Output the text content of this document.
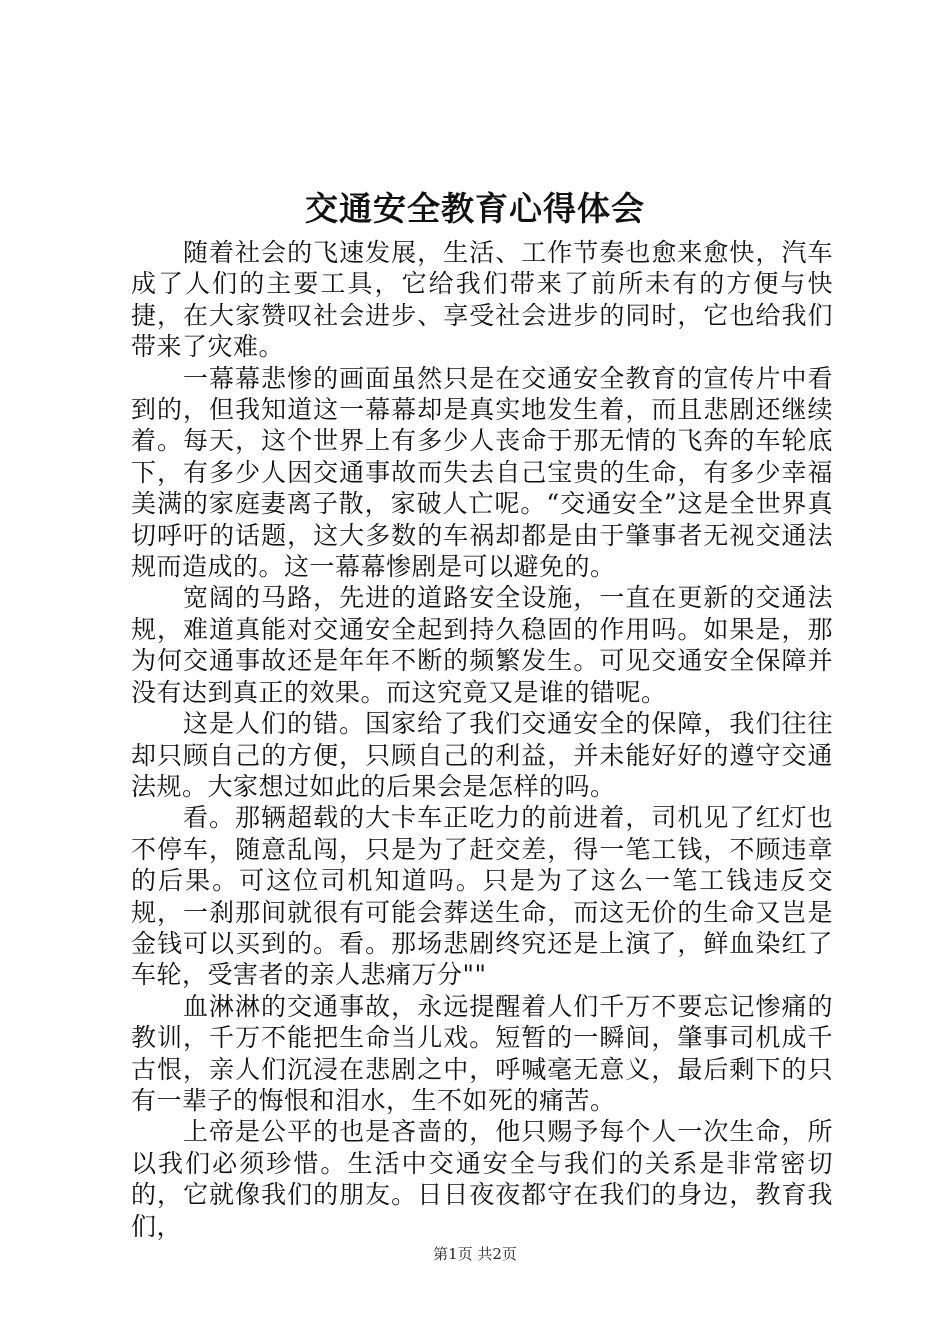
交通安全教育心得体会

随着社会的飞速发展，生活、工作节奏也愈来愈快，汽车成了人们的主要工具，它给我们带来了前所未有的方便与快捷，在大家赞叹社会进步、享受社会进步的同时，它也给我们带来了灾难。

一幕幕悲惨的画面虽然只是在交通安全教育的宣传片中看到的，但我知道这一幕幕却是真实地发生着，而且悲剧还继续着。每天，这个世界上有多少人丧命于那无情的飞奔的车轮底下，有多少人因交通事故而失去自己宝贵的生命，有多少幸福美满的家庭妻离子散，家破人亡呢。“交通安全”这是全世界真切呼吁的话题，这大多数的车祸却都是由于肇事者无视交通法规而造成的。这一幕幕惨剧是可以避免的。

宽阔的马路，先进的道路安全设施，一直在更新的交通法规，难道真能对交通安全起到持久稳固的作用吗。如果是，那为何交通事故还是年年不断的频繁发生。可见交通安全保障并没有达到真正的效果。而这究竟又是谁的错呢。

这是人们的错。国家给了我们交通安全的保障，我们往往却只顾自己的方便，只顾自己的利益，并未能好好的遵守交通法规。大家想过如此的后果会是怎样的吗。

看。那辆超载的大卡车正吃力的前进着，司机见了红灯也不停车，随意乱闯，只是为了赶交差，得一笔工钱，不顾违章的后果。可这位司机知道吗。只是为了这么一笔工钱违反交规，一刹那间就很有可能会葬送生命，而这无价的生命又岂是金钱可以买到的。看。那场悲剧终究还是上演了，鲜血染红了车轮，受害者的亲人悲痛万分""

血淋淋的交通事故，永远提醒着人们千万不要忘记惨痛的教训，千万不能把生命当儿戏。短暂的一瞬间，肇事司机成千古恨，亲人们沉浸在悲剧之中，呼喊毫无意义，最后剩下的只有一辈子的悔恨和泪水，生不如死的痛苦。

上帝是公平的也是吝啬的，他只赐予每个人一次生命，所以我们必须珍惜。生活中交通安全与我们的关系是非常密切的，它就像我们的朋友。日日夜夜都守在我们的身边，教育我们，

第1页 共2页
